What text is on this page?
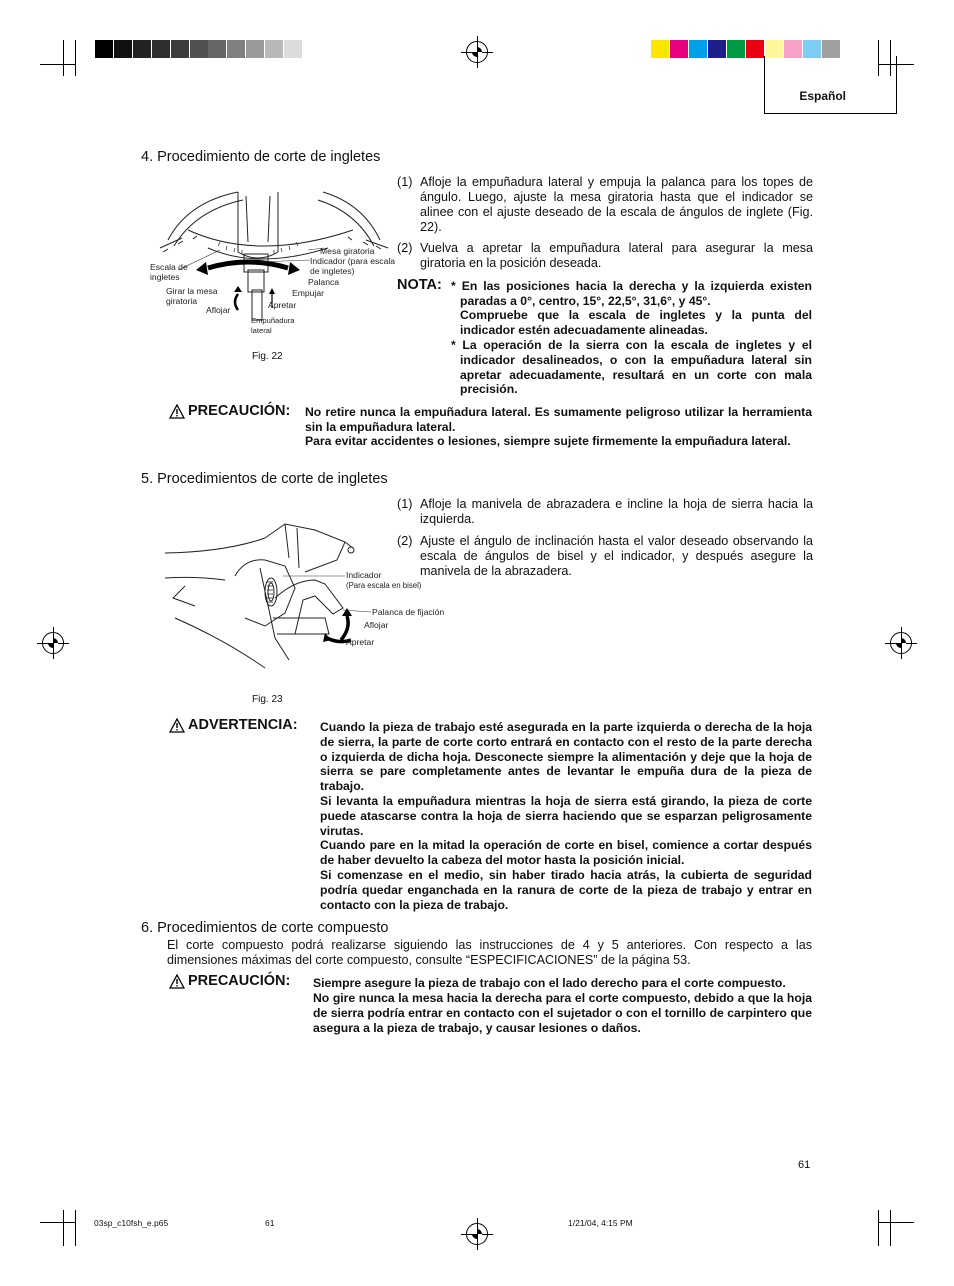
Español
4. Procedimiento de corte de ingletes
Mesa giratoria
Indicador (para escala de ingletes)
Escala de ingletes	Palanca
Empujar
Girar la mesa giratoria	Apretar
Aflojar
Empuñadura lateral
Fig. 22
(1) Afloje la empuñadura lateral y empuja la palanca para los topes de ángulo. Luego, ajuste la mesa giratoria hasta que el indicador se alinee con el ajuste deseado de la escala de ángulos de inglete (Fig. 22).
(2) Vuelva a apretar la empuñadura lateral para asegurar la mesa giratoria en la posición deseada.
NOTA: * En las posiciones hacia la derecha y la izquierda existen paradas a 0°, centro, 15°, 22,5°, 31,6°, y 45°.
Compruebe que la escala de ingletes y la punta del indicador estén adecuadamente alineadas.
* La operación de la sierra con la escala de ingletes y el indicador desalineados, o con la empuñadura lateral sin apretar adecuadamente, resultará en un corte con mala precisión.
PRECAUCIÓN: No retire nunca la empuñadura lateral. Es sumamente peligroso utilizar la herramienta sin la empuñadura lateral.
Para evitar accidentes o lesiones, siempre sujete firmemente la empuñadura lateral.
5. Procedimientos de corte de ingletes
Indicador
(Para escala en bisel)
Palanca de fijación
Aflojar
Apretar
Fig. 23
(1) Afloje la manivela de abrazadera e incline la hoja de sierra hacia la izquierda.
(2) Ajuste el ángulo de inclinación hasta el valor deseado observando la escala de ángulos de bisel y el indicador, y después asegure la manivela de la abrazadera.
ADVERTENCIA: Cuando la pieza de trabajo esté asegurada en la parte izquierda o derecha de la hoja de sierra, la parte de corte corto entrará en contacto con el resto de la parte derecha o izquierda de dicha hoja. Desconecte siempre la alimentación y deje que la hoja de sierra se pare completamente antes de levantar le empuña dura de la pieza de trabajo.
Si levanta la empuñadura mientras la hoja de sierra está girando, la pieza de corte puede atascarse contra la hoja de sierra haciendo que se esparzan peligrosamente virutas.
Cuando pare en la mitad la operación de corte en bisel, comience a cortar después de haber devuelto la cabeza del motor hasta la posición inicial.
Si comenzase en el medio, sin haber tirado hacia atrás, la cubierta de seguridad podría quedar enganchada en la ranura de corte de la pieza de trabajo y entrar en contacto con la pieza de trabajo.
6. Procedimientos de corte compuesto
El corte compuesto podrá realizarse siguiendo las instrucciones de 4 y 5 anteriores. Con respecto a las dimensiones máximas del corte compuesto, consulte “ESPECIFICACIONES” de la página 53.
PRECAUCIÓN: Siempre asegure la pieza de trabajo con el lado derecho para el corte compuesto.
No gire nunca la mesa hacia la derecha para el corte compuesto, debido a que la hoja de sierra podría entrar en contacto con el sujetador o con el tornillo de carpintero que asegura a la pieza de trabajo, y causar lesiones o daños.
61
03sp_c10fsh_e.p65	61	1/21/04, 4:15 PM
